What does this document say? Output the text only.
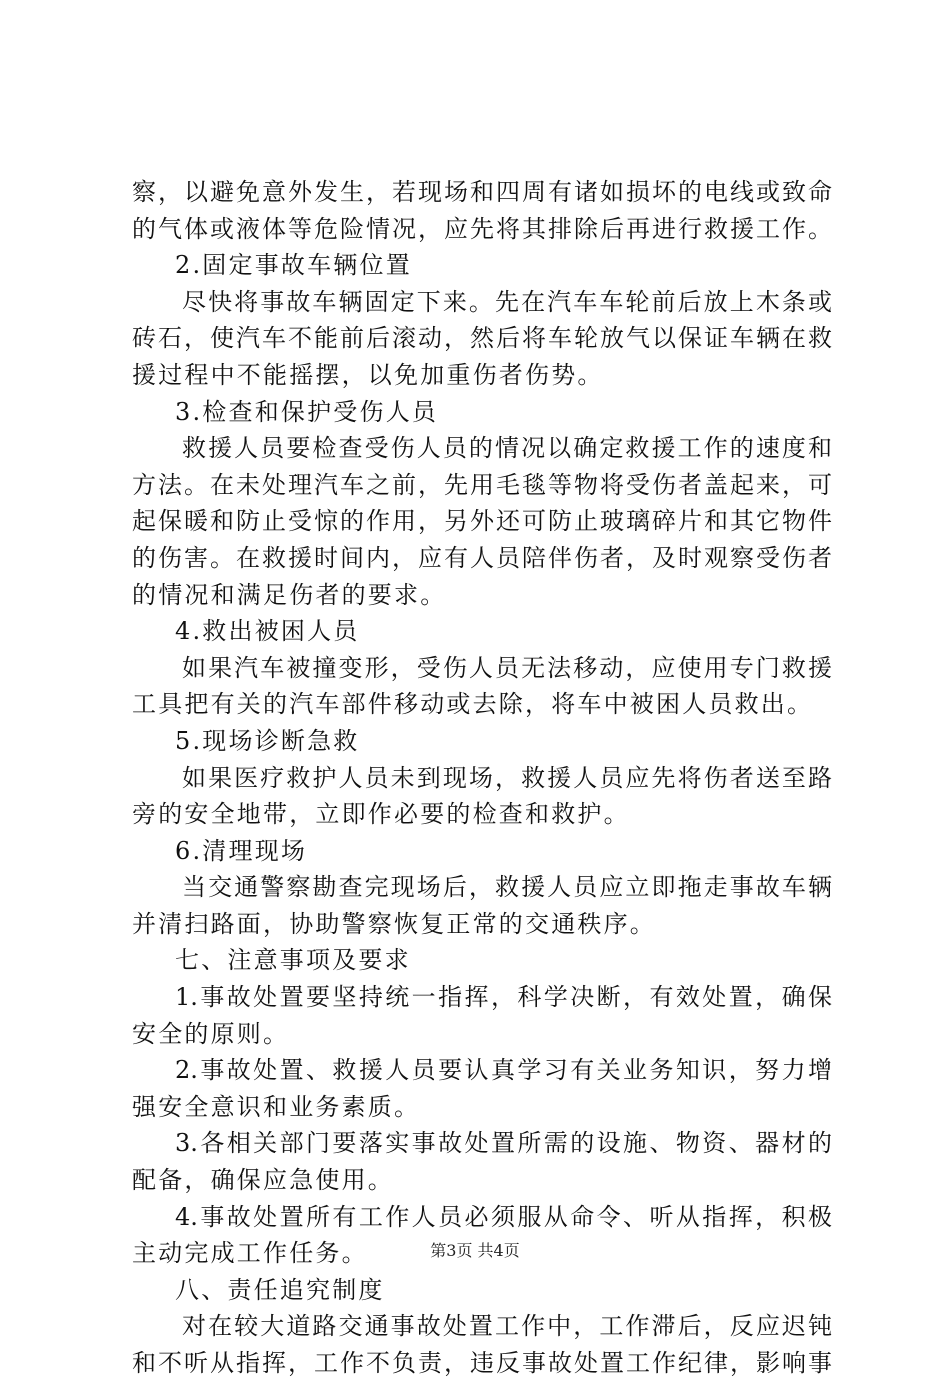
察，以避免意外发生，若现场和四周有诸如损坏的电线或致命
的气体或液体等危险情况，应先将其排除后再进行救援工作。
2.固定事故车辆位置
尽快将事故车辆固定下来。先在汽车车轮前后放上木条或
砖石，使汽车不能前后滚动，然后将车轮放气以保证车辆在救
援过程中不能摇摆，以免加重伤者伤势。
3.检查和保护受伤人员
救援人员要检查受伤人员的情况以确定救援工作的速度和
方法。在未处理汽车之前，先用毛毯等物将受伤者盖起来，可
起保暖和防止受惊的作用，另外还可防止玻璃碎片和其它物件
的伤害。在救援时间内，应有人员陪伴伤者，及时观察受伤者
的情况和满足伤者的要求。
4.救出被困人员
如果汽车被撞变形，受伤人员无法移动，应使用专门救援
工具把有关的汽车部件移动或去除，将车中被困人员救出。
5.现场诊断急救
如果医疗救护人员未到现场，救援人员应先将伤者送至路
旁的安全地带，立即作必要的检查和救护。
6.清理现场
当交通警察勘查完现场后，救援人员应立即拖走事故车辆
并清扫路面，协助警察恢复正常的交通秩序。
七、注意事项及要求
1.事故处置要坚持统一指挥，科学决断，有效处置，确保
安全的原则。
2.事故处置、救援人员要认真学习有关业务知识，努力增
强安全意识和业务素质。
3.各相关部门要落实事故处置所需的设施、物资、器材的
配备，确保应急使用。
4.事故处置所有工作人员必须服从命令、听从指挥，积极
主动完成工作任务。
八、责任追究制度
对在较大道路交通事故处置工作中，工作滞后，反应迟钝
和不听从指挥，工作不负责，违反事故处置工作纪律，影响事
第3页 共4页
